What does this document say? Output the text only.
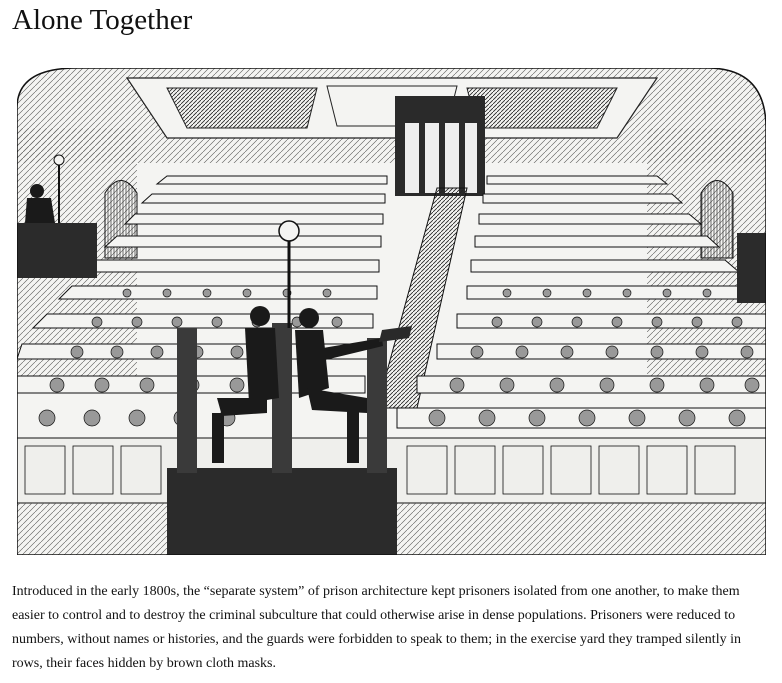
Alone Together

Introduced in the early 1800s, the “separate system” of prison architecture kept prisoners isolated from one another, to make them easier to control and to destroy the criminal subculture that could otherwise arise in dense populations. Prisoners were reduced to numbers, without names or histories, and the guards were forbidden to speak to them; in the exercise yard they tramped silently in rows, their faces hidden by brown cloth masks.
